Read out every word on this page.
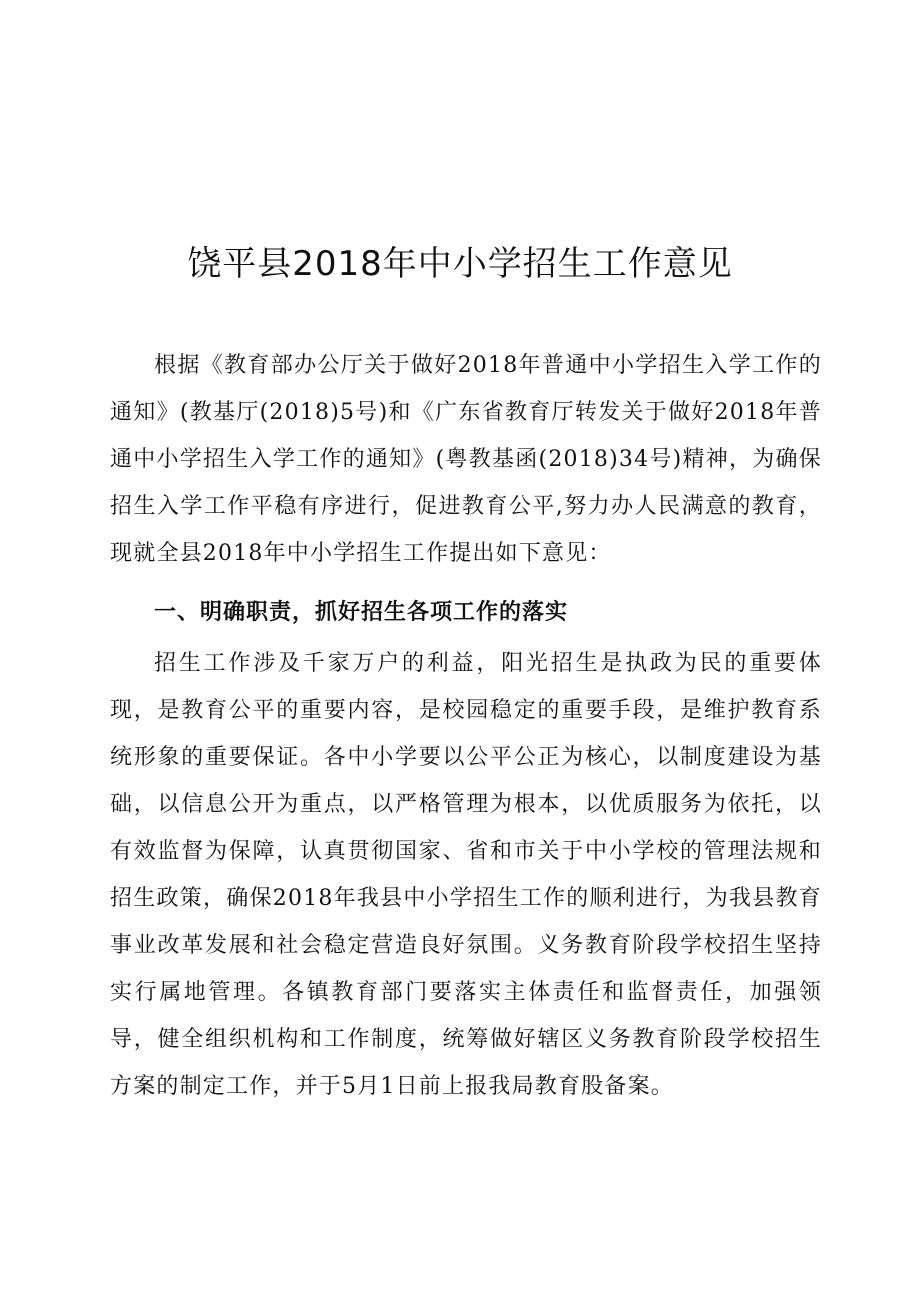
饶平县2018年中小学招生工作意见

根据《教育部办公厅关于做好2018年普通中小学招生入学工作的通知》(教基厅(2018)5号)和《广东省教育厅转发关于做好2018年普通中小学招生入学工作的通知》(粤教基函(2018)34号)精神，为确保招生入学工作平稳有序进行，促进教育公平,努力办人民满意的教育，现就全县2018年中小学招生工作提出如下意见：

一、明确职责，抓好招生各项工作的落实

招生工作涉及千家万户的利益，阳光招生是执政为民的重要体现，是教育公平的重要内容，是校园稳定的重要手段，是维护教育系统形象的重要保证。各中小学要以公平公正为核心，以制度建设为基础，以信息公开为重点，以严格管理为根本，以优质服务为依托，以有效监督为保障，认真贯彻国家、省和市关于中小学校的管理法规和招生政策，确保2018年我县中小学招生工作的顺利进行，为我县教育事业改革发展和社会稳定营造良好氛围。义务教育阶段学校招生坚持实行属地管理。各镇教育部门要落实主体责任和监督责任，加强领导，健全组织机构和工作制度，统筹做好辖区义务教育阶段学校招生方案的制定工作，并于5月1日前上报我局教育股备案。
